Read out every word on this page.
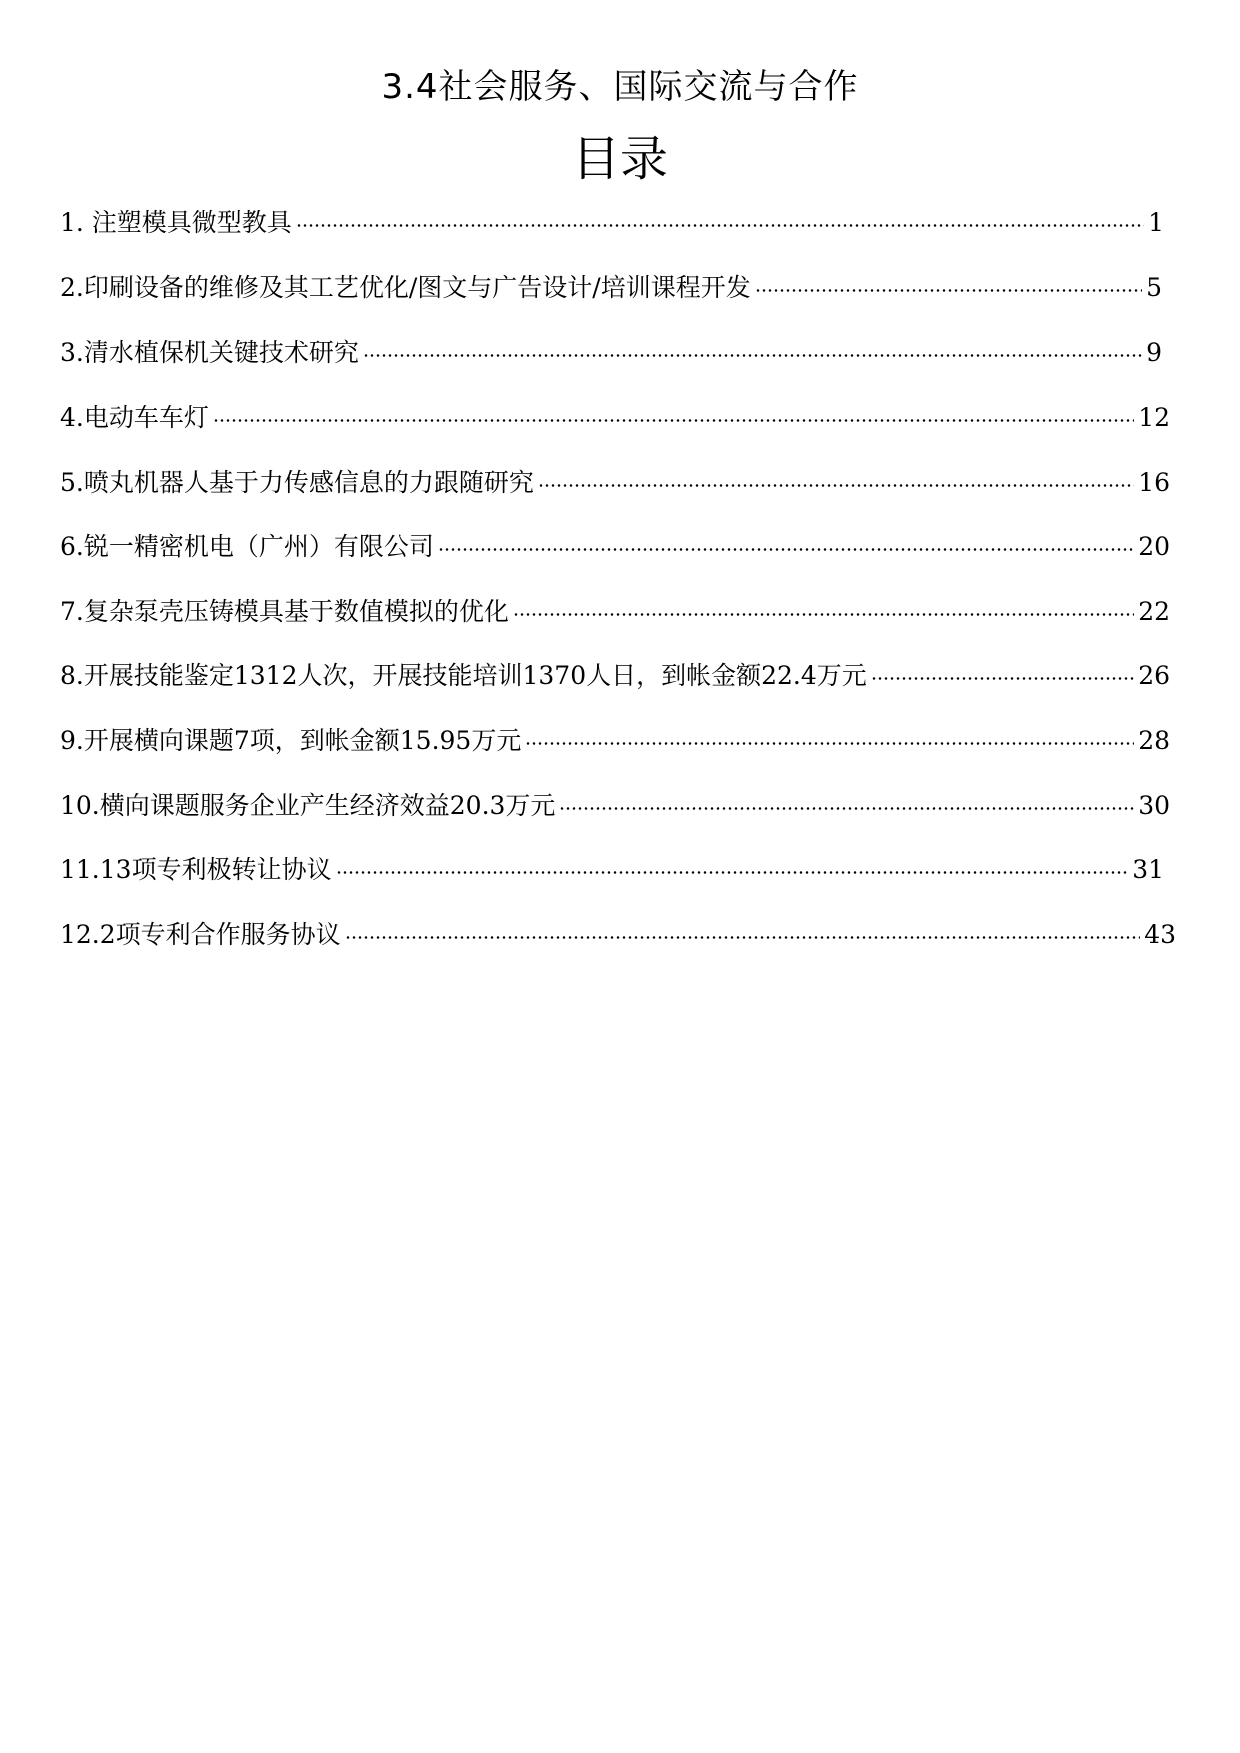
3.4社会服务、国际交流与合作
目录
1. 注塑模具微型教具	1
2.印刷设备的维修及其工艺优化/图文与广告设计/培训课程开发	5
3.清水植保机关键技术研究	9
4.电动车车灯	12
5.喷丸机器人基于力传感信息的力跟随研究	16
6.锐一精密机电（广州）有限公司	20
7.复杂泵壳压铸模具基于数值模拟的优化	22
8.开展技能鉴定1312人次，开展技能培训1370人日，到帐金额22.4万元	26
9.开展横向课题7项，到帐金额15.95万元	28
10.横向课题服务企业产生经济效益20.3万元	30
11.13项专利极转让协议	31
12.2项专利合作服务协议	43
